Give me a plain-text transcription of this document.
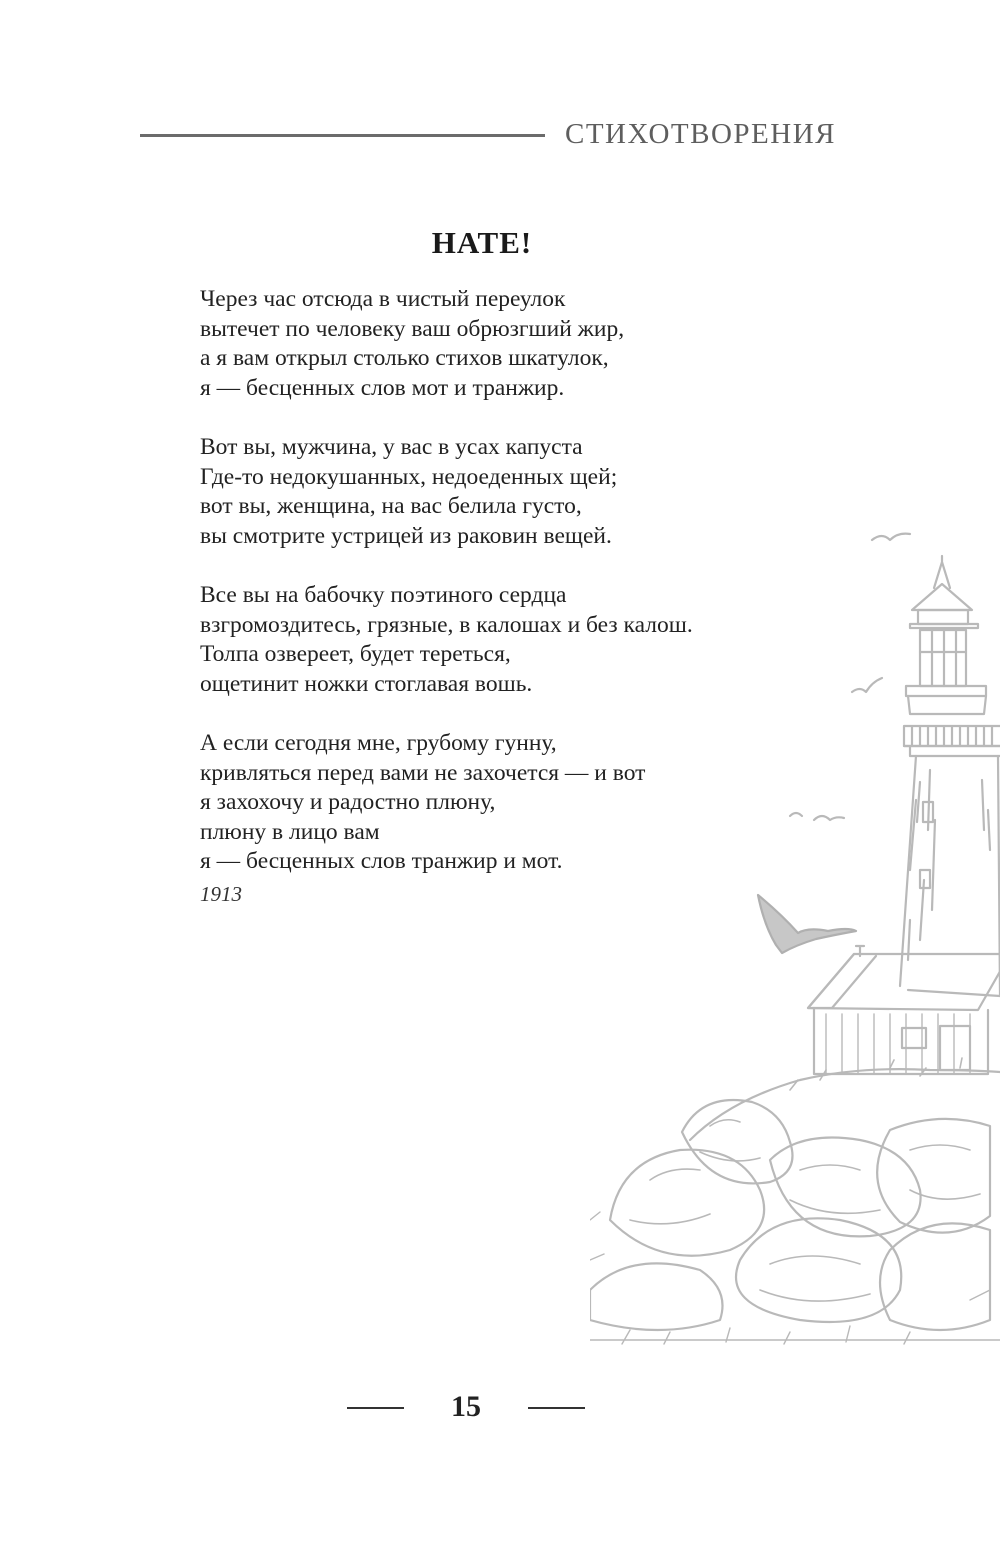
СТИХОТВОРЕНИЯ
НАТЕ!
Через час отсюда в чистый переулок
вытечет по человеку ваш обрюзгший жир,
а я вам открыл столько стихов шкатулок,
я — бесценных слов мот и транжир.
Вот вы, мужчина, у вас в усах капуста
Где-то недокушанных, недоеденных щей;
вот вы, женщина, на вас белила густо,
вы смотрите устрицей из раковин вещей.
Все вы на бабочку поэтиного сердца
взгромоздитесь, грязные, в калошах и без калош.
Толпа озвереет, будет тереться,
ощетинит ножки стоглавая вошь.
А если сегодня мне, грубому гунну,
кривляться перед вами не захочется — и вот
я захохочу и радостно плюну,
плюну в лицо вам
я — бесценных слов транжир и мот.
1913
15
